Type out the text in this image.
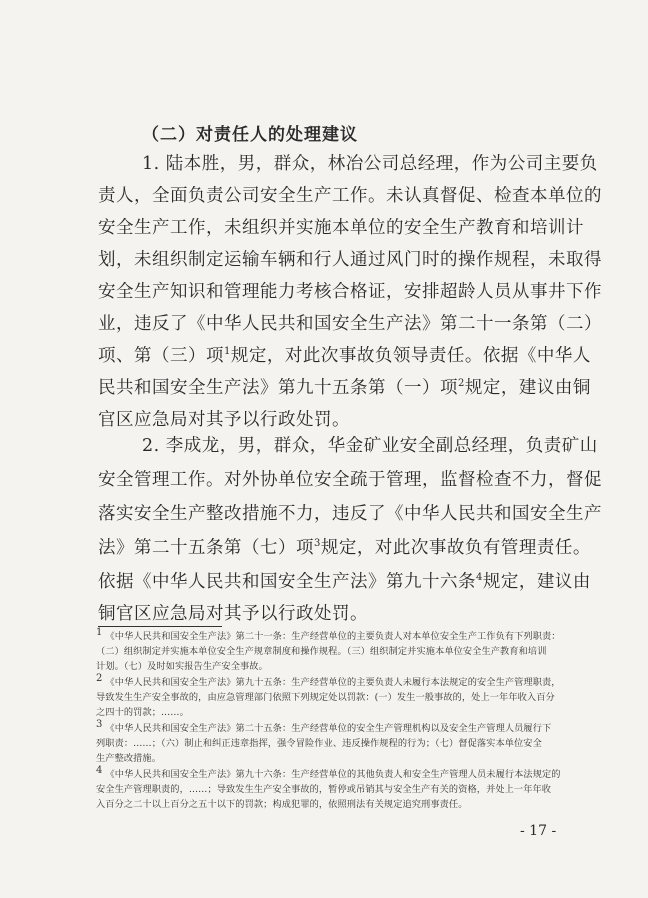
（二）对责任人的处理建议
1. 陆本胜，男，群众，林冶公司总经理，作为公司主要负
责人，全面负责公司安全生产工作。未认真督促、检查本单位的
安全生产工作，未组织并实施本单位的安全生产教育和培训计
划，未组织制定运输车辆和行人通过风门时的操作规程，未取得
安全生产知识和管理能力考核合格证，安排超龄人员从事井下作
业，违反了《中华人民共和国安全生产法》第二十一条第（二）
项、第（三）项$^1$规定，对此次事故负领导责任。依据《中华人
民共和国安全生产法》第九十五条第（一）项$^2$规定，建议由铜
官区应急局对其予以行政处罚。
2. 李成龙，男，群众，华金矿业安全副总经理，负责矿山
安全管理工作。对外协单位安全疏于管理，监督检查不力，督促
落实安全生产整改措施不力，违反了《中华人民共和国安全生产
法》第二十五条第（七）项$^3$规定，对此次事故负有管理责任。
依据《中华人民共和国安全生产法》第九十六条$^4$规定，建议由
$^1$ 《中华人民共和国安全生产法》第二十一条：生产经营单位的主要负责人对本单位安全生产工作负有下列职责：
（二）组织制定并实施本单位安全生产规章制度和操作规程。（三）组织制定并实施本单位安全生产教育和培训
计划。（七）及时如实报告生产安全事故。
$^2$ 《中华人民共和国安全生产法》第九十五条：生产经营单位的主要负责人未履行本法规定的安全生产管理职责，
导致发生生产安全事故的，由应急管理部门依照下列规定处以罚款：(一）发生一般事故的，处上一年年收入百分
之四十的罚款；……。
$^3$ 《中华人民共和国安全生产法》第二十五条：生产经营单位的安全生产管理机构以及安全生产管理人员履行下
列职责：……；（六）制止和纠正违章指挥，强令冒险作业、违反操作规程的行为；（七）督促落实本单位安全
生产整改措施。
$^4$ 《中华人民共和国安全生产法》第九十六条：生产经营单位的其他负责人和安全生产管理人员未履行本法规定的
安全生产管理职责的，……；导致发生生产安全事故的，暂停或吊销其与安全生产有关的资格，并处上一年年收
入百分之二十以上百分之五十以下的罚款；构成犯罪的，依照刑法有关规定追究刑事责任。
- 17 -
铜官区应急局对其予以行政处罚。
